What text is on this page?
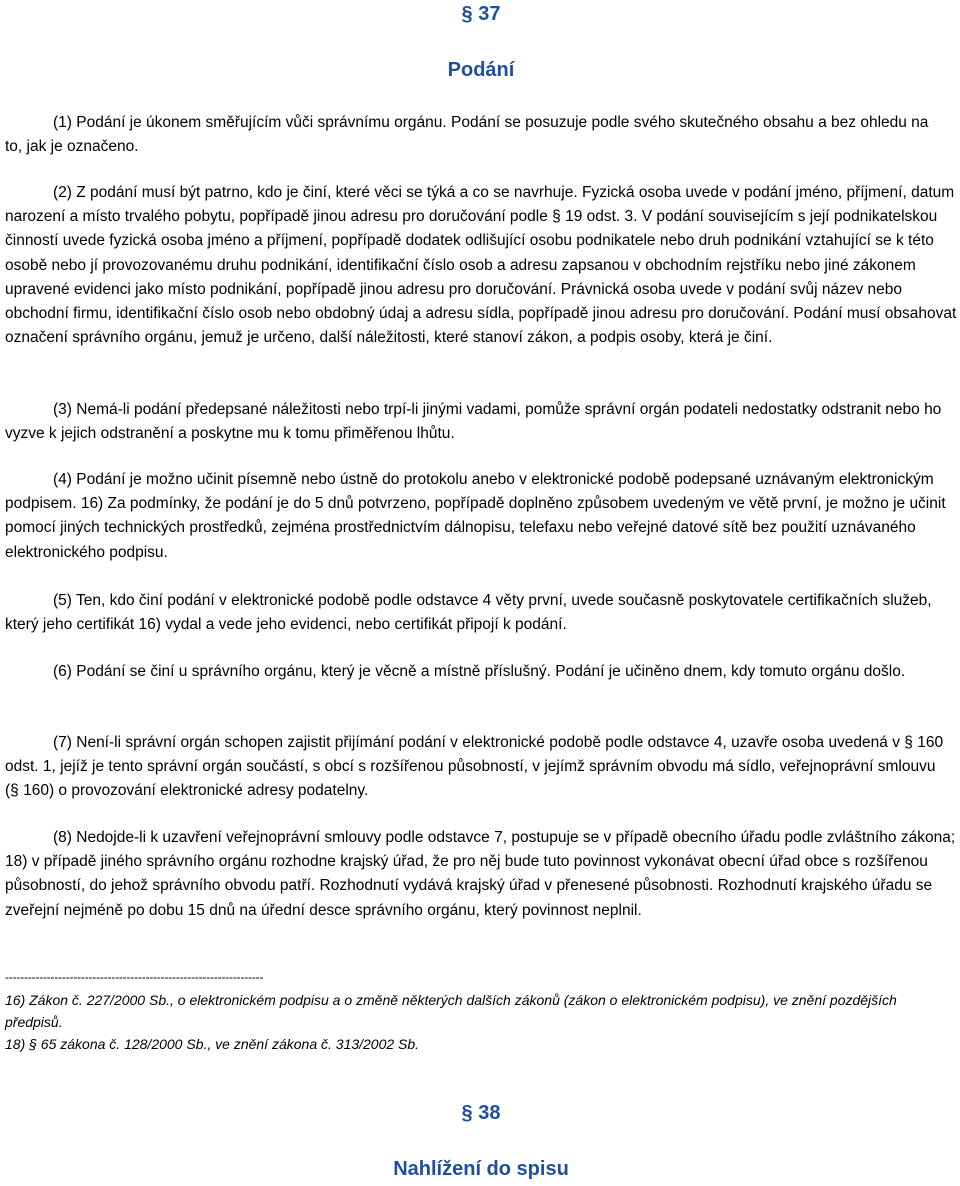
§ 37
Podání

(1) Podání je úkonem směřujícím vůči správnímu orgánu. Podání se posuzuje podle svého skutečného obsahu a bez ohledu na to, jak je označeno.

(2) Z podání musí být patrno, kdo je činí, které věci se týká a co se navrhuje. Fyzická osoba uvede v podání jméno, příjmení, datum narození a místo trvalého pobytu, popřípadě jinou adresu pro doručování podle § 19 odst. 3. V podání souvisejícím s její podnikatelskou činností uvede fyzická osoba jméno a příjmení, popřípadě dodatek odlišující osobu podnikatele nebo druh podnikání vztahující se k této osobě nebo jí provozovanému druhu podnikání, identifikační číslo osob a adresu zapsanou v obchodním rejstříku nebo jiné zákonem upravené evidenci jako místo podnikání, popřípadě jinou adresu pro doručování. Právnická osoba uvede v podání svůj název nebo obchodní firmu, identifikační číslo osob nebo obdobný údaj a adresu sídla, popřípadě jinou adresu pro doručování. Podání musí obsahovat označení správního orgánu, jemuž je určeno, další náležitosti, které stanoví zákon, a podpis osoby, která je činí.

(3) Nemá-li podání předepsané náležitosti nebo trpí-li jinými vadami, pomůže správní orgán podateli nedostatky odstranit nebo ho vyzve k jejich odstranění a poskytne mu k tomu přiměřenou lhůtu.

(4) Podání je možno učinit písemně nebo ústně do protokolu anebo v elektronické podobě podepsané uznávaným elektronickým podpisem. 16) Za podmínky, že podání je do 5 dnů potvrzeno, popřípadě doplněno způsobem uvedeným ve větě první, je možno je učinit pomocí jiných technických prostředků, zejména prostřednictvím dálnopisu, telefaxu nebo veřejné datové sítě bez použití uznávaného elektronického podpisu.

(5) Ten, kdo činí podání v elektronické podobě podle odstavce 4 věty první, uvede současně poskytovatele certifikačních služeb, který jeho certifikát 16) vydal a vede jeho evidenci, nebo certifikát připojí k podání.

(6) Podání se činí u správního orgánu, který je věcně a místně příslušný. Podání je učiněno dnem, kdy tomuto orgánu došlo.

(7) Není-li správní orgán schopen zajistit přijímání podání v elektronické podobě podle odstavce 4, uzavře osoba uvedená v § 160 odst. 1, jejíž je tento správní orgán součástí, s obcí s rozšířenou působností, v jejímž správním obvodu má sídlo, veřejnoprávní smlouvu (§ 160) o provozování elektronické adresy podatelny.

(8) Nedojde-li k uzavření veřejnoprávní smlouvy podle odstavce 7, postupuje se v případě obecního úřadu podle zvláštního zákona; 18) v případě jiného správního orgánu rozhodne krajský úřad, že pro něj bude tuto povinnost vykonávat obecní úřad obce s rozšířenou působností, do jehož správního obvodu patří. Rozhodnutí vydává krajský úřad v přenesené působnosti. Rozhodnutí krajského úřadu se zveřejní nejméně po dobu 15 dnů na úřední desce správního orgánu, který povinnost neplnil.

--------------------------------------------------------------------

16) Zákon č. 227/2000 Sb., o elektronickém podpisu a o změně některých dalších zákonů (zákon o elektronickém podpisu), ve znění pozdějších předpisů.

18) § 65 zákona č. 128/2000 Sb., ve znění zákona č. 313/2002 Sb.

§ 38
Nahlížení do spisu
